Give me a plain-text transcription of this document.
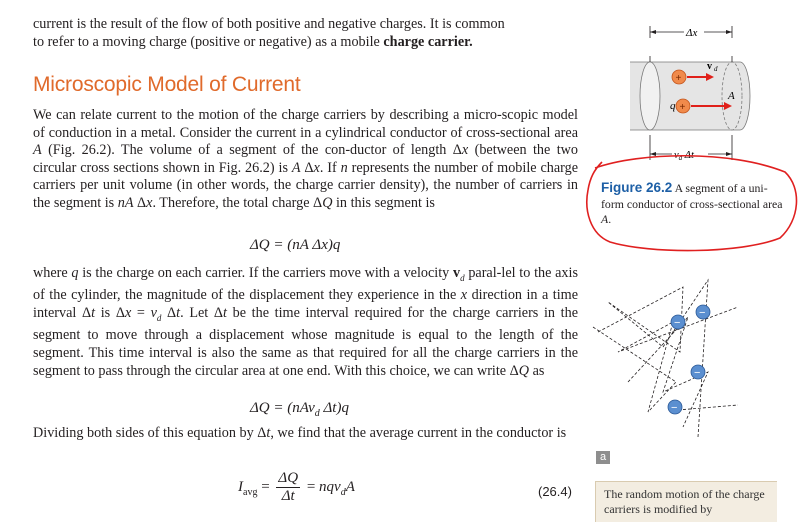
current is the result of the flow of both positive and negative charges. It is common
to refer to a moving charge (positive or negative) as a mobile charge carrier.

Microscopic Model of Current

We can relate current to the motion of the charge carriers by describing a micro-scopic model of conduction in a metal. Consider the current in a cylindrical conductor of cross-sectional area A (Fig. 26.2). The volume of a segment of the con-ductor of length Δx (between the two circular cross sections shown in Fig. 26.2) is A Δx. If n represents the number of mobile charge carriers per unit volume (in other words, the charge carrier density), the number of carriers in the segment is nA Δx. Therefore, the total charge ΔQ in this segment is

ΔQ = (nA Δx)q

where q is the charge on each carrier. If the carriers move with a velocity $v_d$ paral-lel to the axis of the cylinder, the magnitude of the displacement they experience in the x direction in a time interval Δt is $\Delta x = v_d$ Δt. Let Δt be the time interval required for the charge carriers in the segment to move through a displacement whose magnitude is equal to the length of the segment. This time interval is also the same as that required for all the charge carriers in the segment to pass through the circular area at one end. With this choice, we can write ΔQ as

ΔQ = (nAv$_d$ Δt)q

Dividing both sides of this equation by Δt, we find that the average current in the conductor is

$I_{avg} = \frac{\Delta Q}{\Delta t} = nqv_dA$	(26.4)
Δx
+
v d
A
q +
vd Δt
Figure 26.2 A segment of a uni-form conductor of cross-sectional area A.
−
−
−
−
a
The random motion of the charge carriers is modified by
